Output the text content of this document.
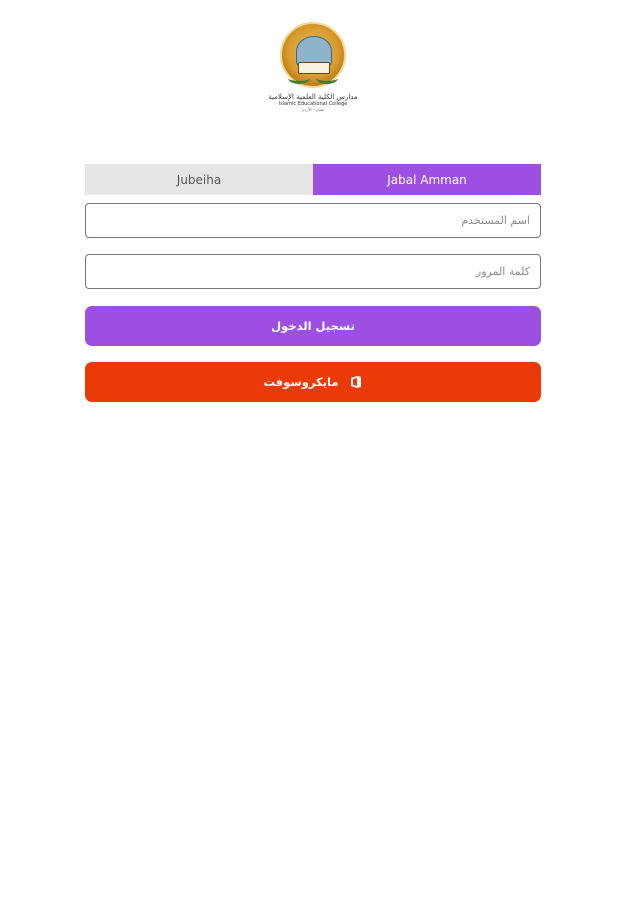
مدارس الكلية العلمية الإسلامية
Islamic Educational College
عمان - الأردن
Jubeiha	Jabal Amman
اسم المستخدم
تسجيل الدخول
مايكروسوفت
